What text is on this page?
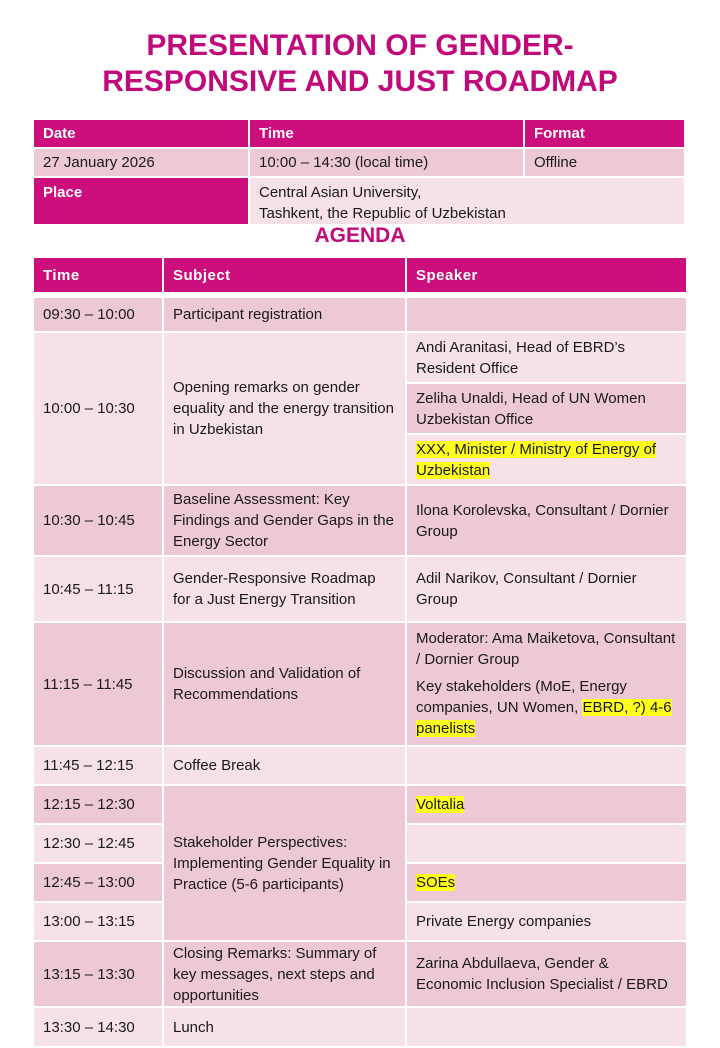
PRESENTATION OF GENDER-
RESPONSIVE AND JUST ROADMAP
Date	Time	Format
27 January 2026	10:00 – 14:30 (local time)	Offline
Place	Central Asian University,
Tashkent, the Republic of Uzbekistan	
AGENDA
Time	Subject	Speaker
09:30 – 10:00	Participant registration	
10:00 – 10:30	Opening remarks on gender equality and the energy transition in Uzbekistan	Andi Aranitasi, Head of EBRD’s Resident Office
		Zeliha Unaldi, Head of UN Women Uzbekistan Office
		XXX, Minister / Ministry of Energy of Uzbekistan
10:30 – 10:45	Baseline Assessment: Key Findings and Gender Gaps in the Energy Sector	Ilona Korolevska, Consultant / Dornier Group
10:45 – 11:15	Gender-Responsive Roadmap for a Just Energy Transition	Adil Narikov, Consultant / Dornier Group
11:15 – 11:45	Discussion and Validation of Recommendations	Moderator: Ama Maiketova, Consultant / Dornier Group
Key stakeholders (MoE, Energy companies, UN Women, EBRD, ?) 4-6 panelists

11:45 – 12:15	Coffee Break	
12:15 – 12:30	Stakeholder Perspectives: Implementing Gender Equality in Practice (5-6 participants)	Voltalia
12:30 – 12:45		
12:45 – 13:00		SOEs
13:00 – 13:15		Private Energy companies
13:15 – 13:30	Closing Remarks: Summary of key messages, next steps and opportunities	Zarina Abdullaeva, Gender & Economic Inclusion Specialist / EBRD
13:30 – 14:30	Lunch	
